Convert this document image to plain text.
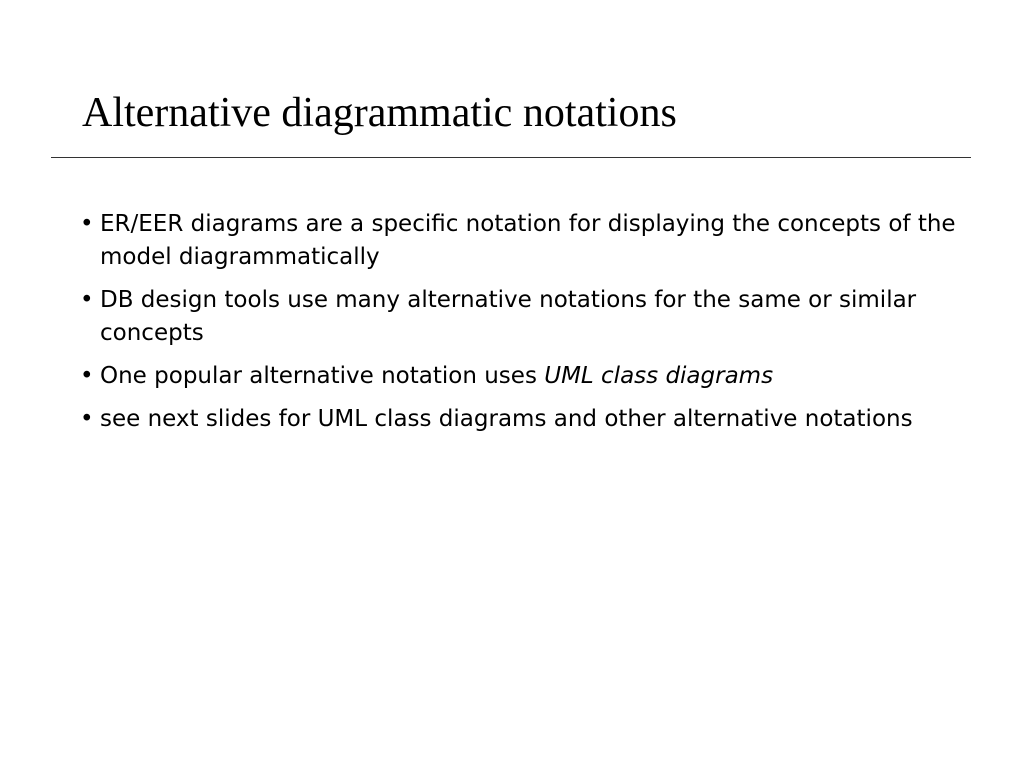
Alternative diagrammatic notations
• ER/EER diagrams are a specific notation for displaying the concepts of the model diagrammatically
• DB design tools use many alternative notations for the same or similar concepts
• One popular alternative notation uses UML class diagrams
• see next slides for UML class diagrams and other alternative notations
